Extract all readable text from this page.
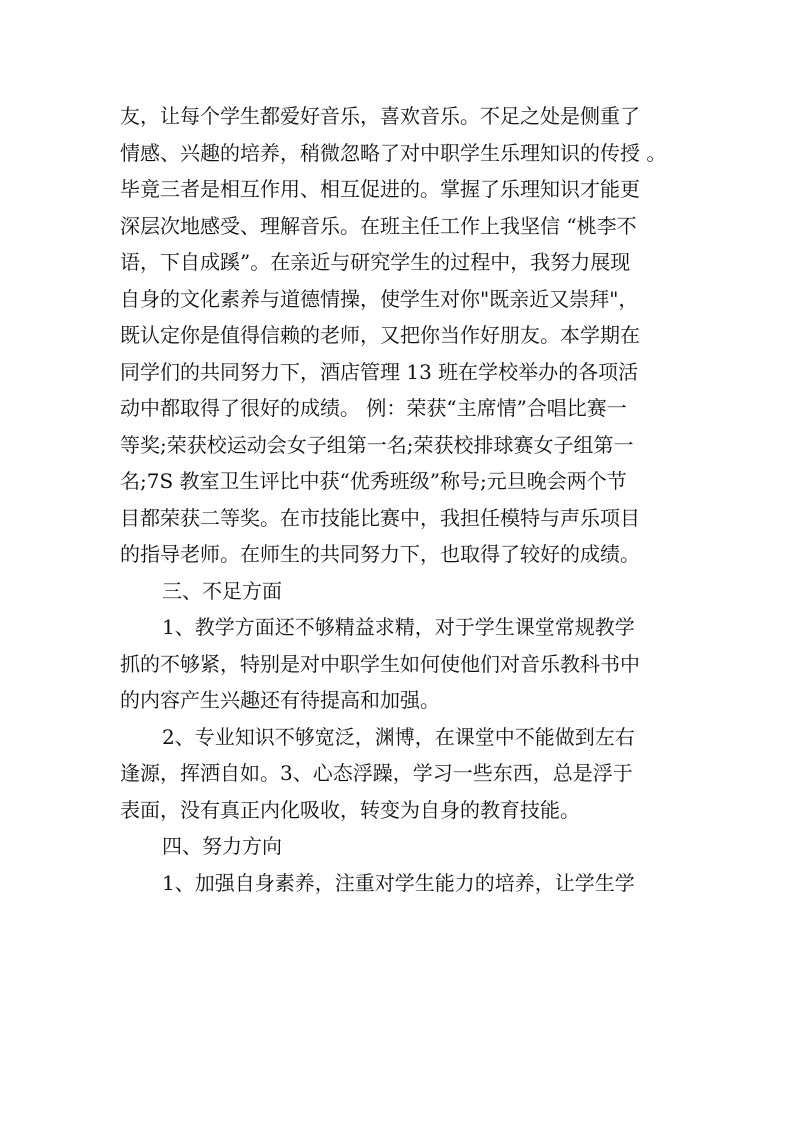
友，让每个学生都爱好音乐，喜欢音乐。不足之处是侧重了
情感、兴趣的培养，稍微忽略了对中职学生乐理知识的传授 。
毕竟三者是相互作用、相互促进的。掌握了乐理知识才能更
深层次地感受、理解音乐。在班主任工作上我坚信 “桃李不
语，下自成蹊”。在亲近与研究学生的过程中，我努力展现
自身的文化素养与道德情操，使学生对你"既亲近又崇拜"，
既认定你是值得信赖的老师，又把你当作好朋友。本学期在
同学们的共同努力下，酒店管理 13 班在学校举办的各项活
动中都取得了很好的成绩。 例：荣获“主席情”合唱比赛一
等奖;荣获校运动会女子组第一名;荣获校排球赛女子组第一
名;7S 教室卫生评比中获“优秀班级”称号;元旦晚会两个节
目都荣获二等奖。在市技能比赛中，我担任模特与声乐项目
的指导老师。在师生的共同努力下，也取得了较好的成绩。
三、不足方面
1、教学方面还不够精益求精，对于学生课堂常规教学
抓的不够紧，特别是对中职学生如何使他们对音乐教科书中
的内容产生兴趣还有待提高和加强。
2、专业知识不够宽泛，渊博，在课堂中不能做到左右
逢源，挥洒自如。3、心态浮躁，学习一些东西，总是浮于
表面，没有真正内化吸收，转变为自身的教育技能。
四、努力方向
1、加强自身素养，注重对学生能力的培养，让学生学
